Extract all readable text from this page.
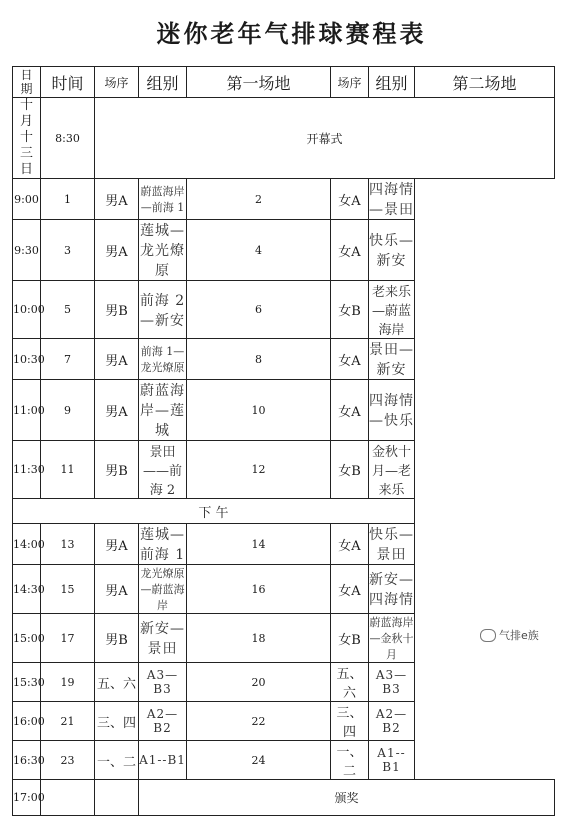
迷你老年气排球赛程表
日
期	时间	场序	组别	第一场地	场序	组别	第二场地

十
月
十
三
日	8:30	开幕式					
9:00	1	男A	蔚蓝海岸—前海 1	2	女A	四海情—景田	
9:30	3	男A	莲城—龙光燎原	4	女A	快乐—新安	
10:00	5	男B	前海 2—新安	6	女B	老来乐—蔚蓝海岸	
10:30	7	男A	前海 1—龙光燎原	8	女A	景田—新安	
11:00	9	男A	蔚蓝海岸—莲城	10	女A	四海情—快乐	
11:30	11	男B	景田——前海 2	12	女B	金秋十月—老来乐	
下 午							
14:00	13	男A	莲城—前海 1	14	女A	快乐—景田	
14:30	15	男A	龙光燎原—蔚蓝海岸	16	女A	新安—四海情	
15:00	17	男B	新安—景田	18	女B	蔚蓝海岸—金秋十月	
15:30	19	五、六	A3—B3	20	五、六	A3—B3	
16:00	21	三、四	A2—B2	22	三、四	A2—B2	
16:30	23	一、二	A1--B1	24	一、二	A1--B1	
17:00			颁奖				
气排e族
